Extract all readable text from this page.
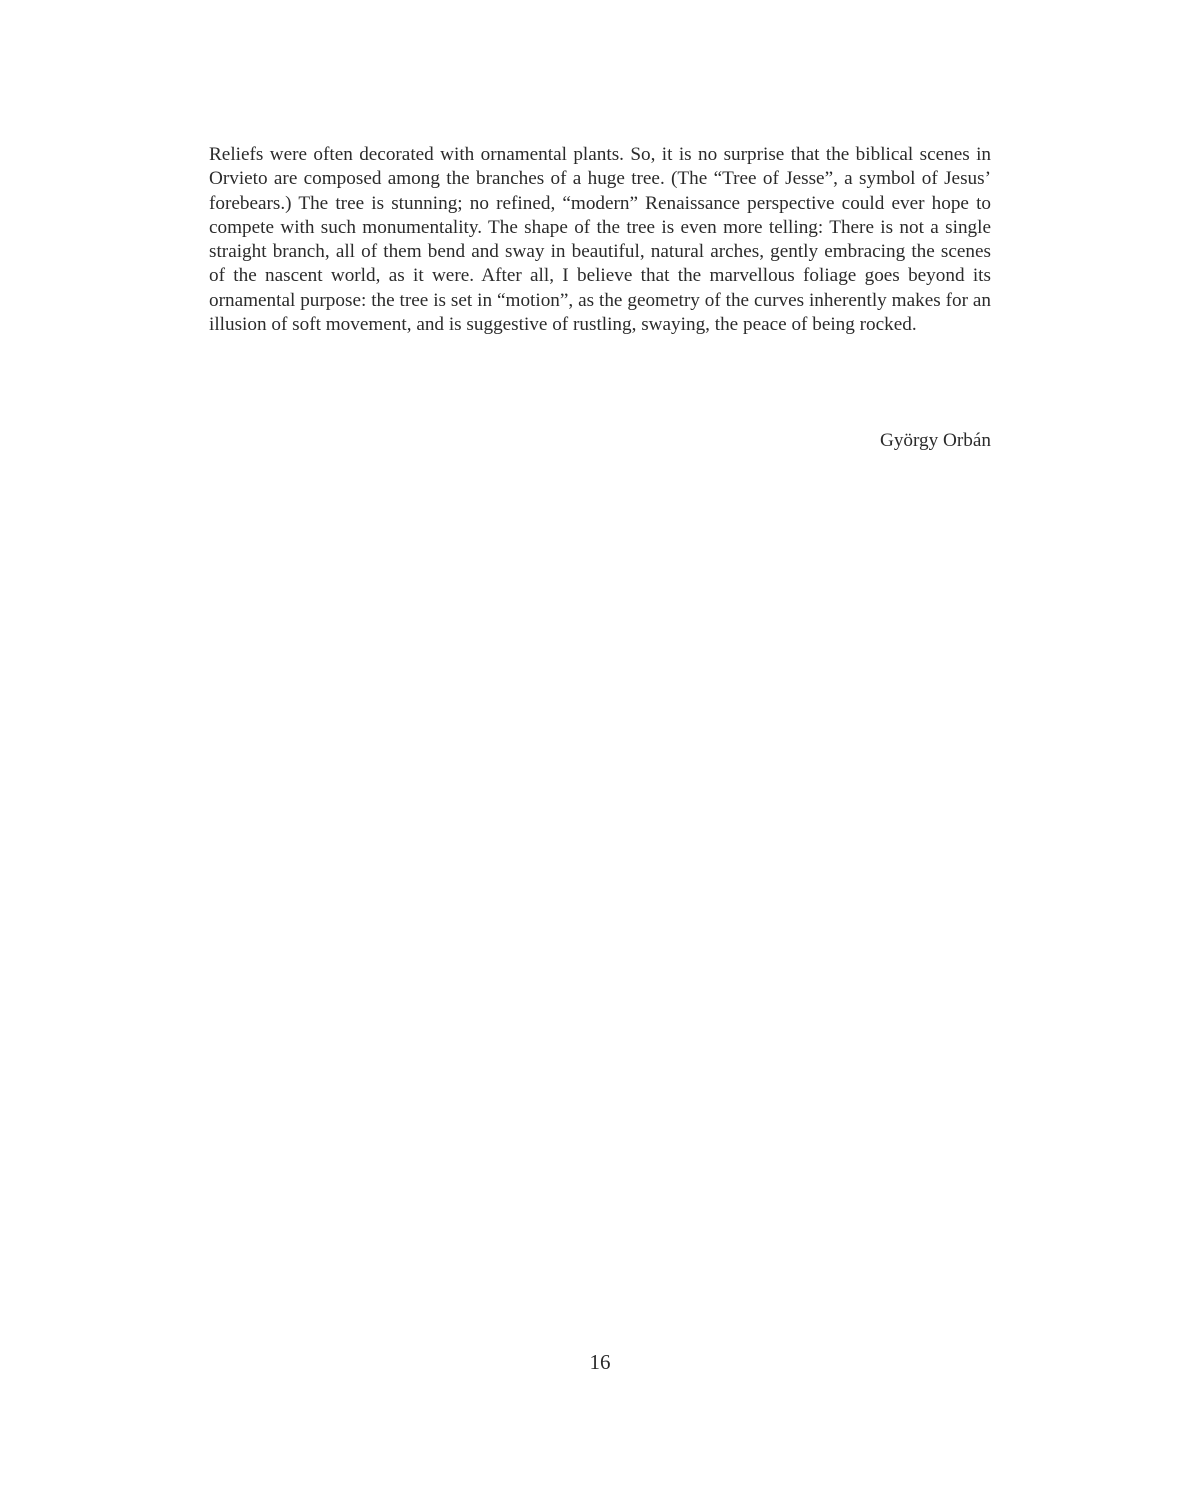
Reliefs were often decorated with ornamental plants. So, it is no surprise that the biblical scenes in Orvieto are composed among the branches of a huge tree. (The “Tree of Jesse”, a symbol of Jesus’ forebears.) The tree is stunning; no refined, “modern” Renaissance perspective could ever hope to compete with such monumentality. The shape of the tree is even more telling: There is not a single straight branch, all of them bend and sway in beautiful, natural arches, gently embracing the scenes of the nascent world, as it were. After all, I believe that the marvellous foliage goes beyond its ornamental purpose: the tree is set in “motion”, as the geometry of the curves inherently makes for an illusion of soft movement, and is suggestive of rustling, swaying, the peace of being rocked.

György Orbán

16
